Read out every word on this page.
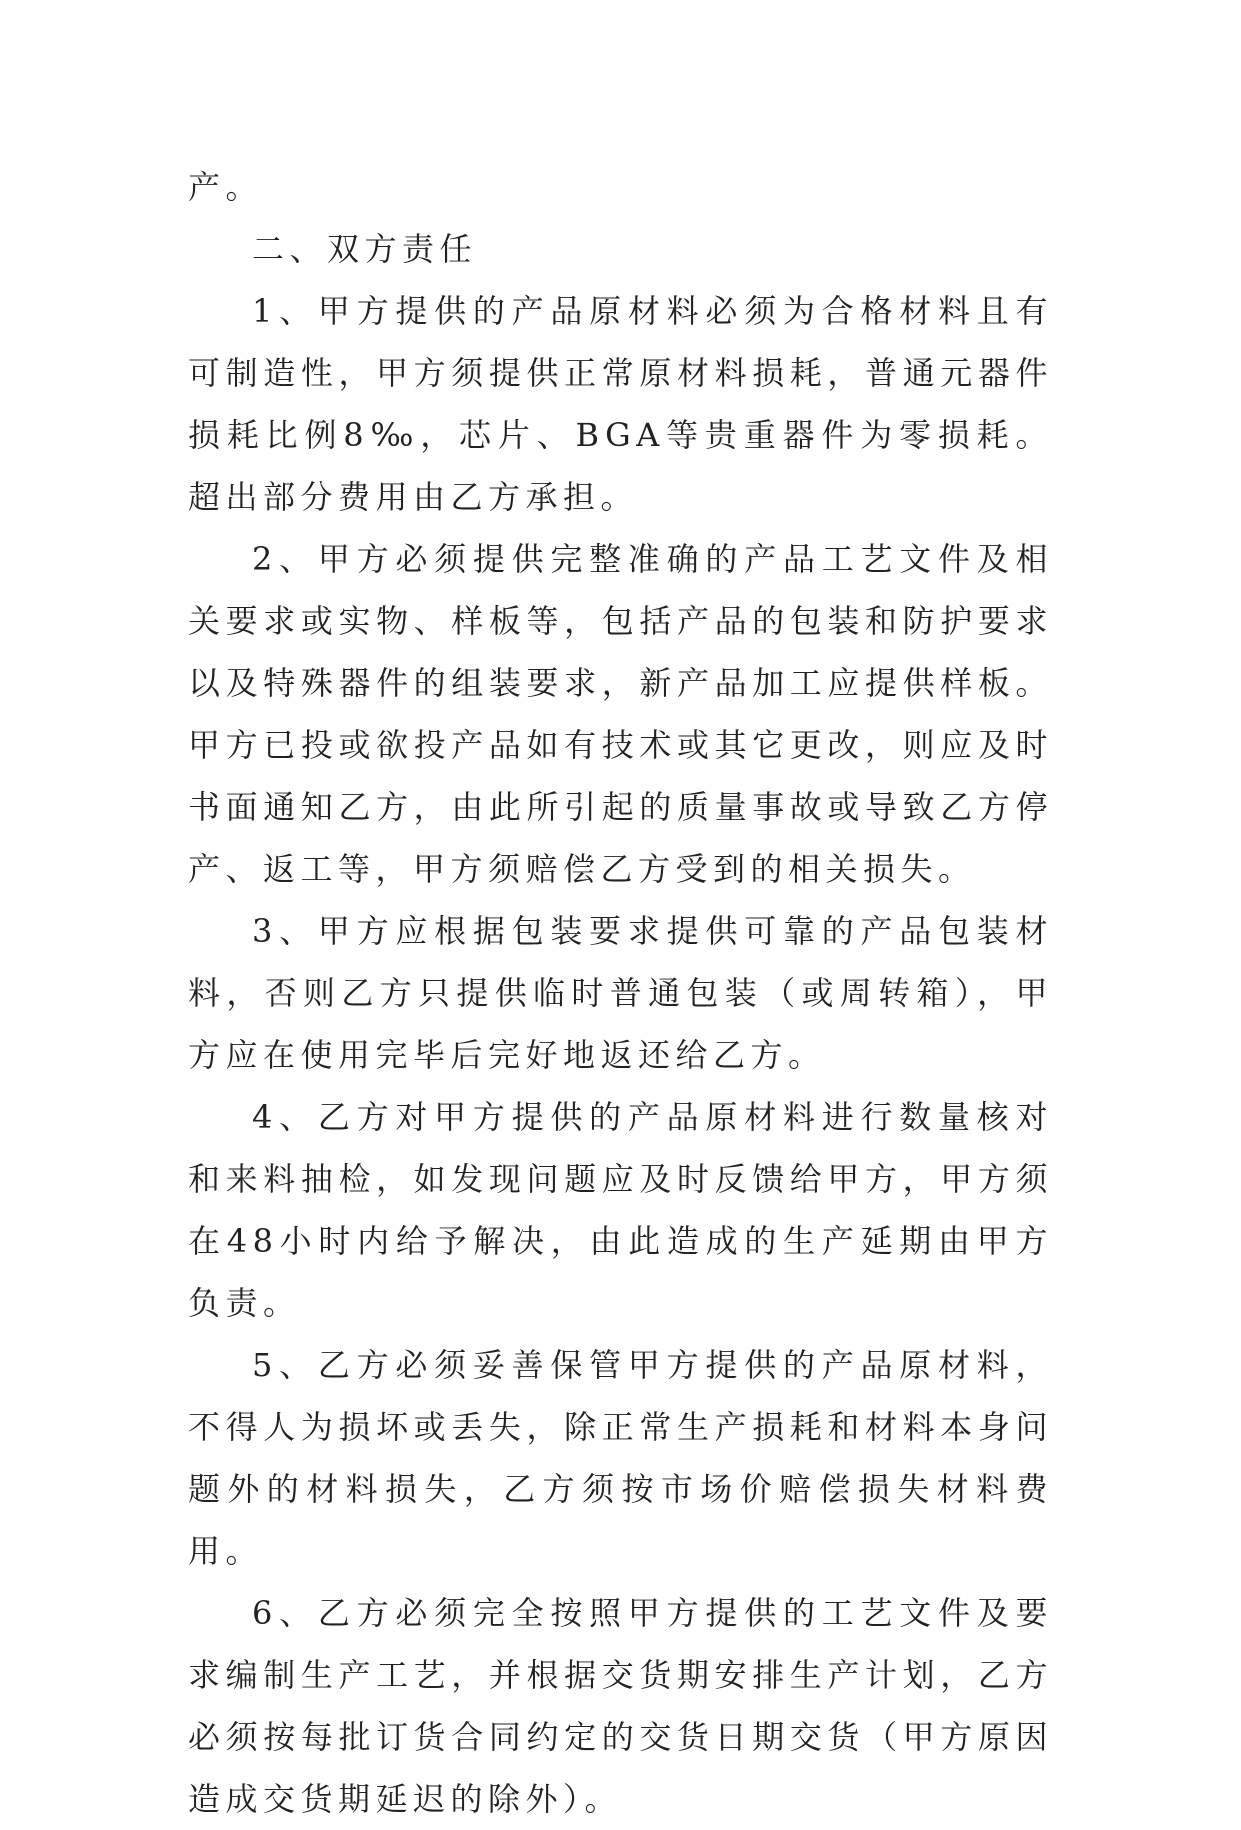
产。

二、双方责任

1、甲方提供的产品原材料必须为合格材料且有可制造性，甲方须提供正常原材料损耗，普通元器件损耗比例8‰，芯片、BGA等贵重器件为零损耗。超出部分费用由乙方承担。

2、甲方必须提供完整准确的产品工艺文件及相关要求或实物、样板等，包括产品的包装和防护要求以及特殊器件的组装要求，新产品加工应提供样板。甲方已投或欲投产品如有技术或其它更改，则应及时书面通知乙方，由此所引起的质量事故或导致乙方停产、返工等，甲方须赔偿乙方受到的相关损失。

3、甲方应根据包装要求提供可靠的产品包装材料，否则乙方只提供临时普通包装（或周转箱），甲方应在使用完毕后完好地返还给乙方。

4、乙方对甲方提供的产品原材料进行数量核对和来料抽检，如发现问题应及时反馈给甲方，甲方须在48小时内给予解决，由此造成的生产延期由甲方负责。

5、乙方必须妥善保管甲方提供的产品原材料，不得人为损坏或丢失，除正常生产损耗和材料本身问题外的材料损失，乙方须按市场价赔偿损失材料费用。

6、乙方必须完全按照甲方提供的工艺文件及要求编制生产工艺，并根据交货期安排生产计划，乙方必须按每批订货合同约定的交货日期交货（甲方原因造成交货期延迟的除外）。
